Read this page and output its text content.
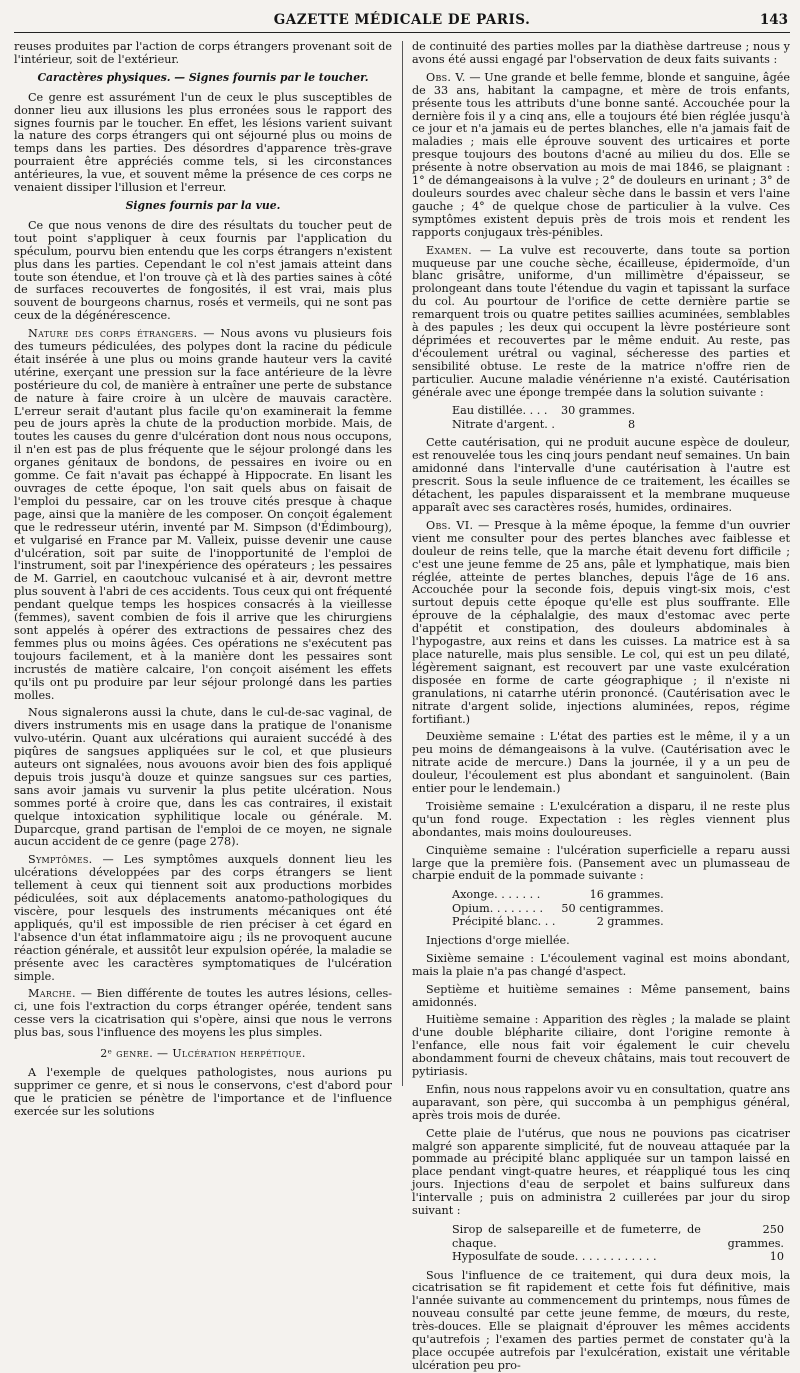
GAZETTE MÉDICALE DE PARIS.	143

reuses produites par l'action de corps étrangers provenant soit de l'intérieur, soit de l'extérieur.

Caractères physiques. — Signes fournis par le toucher.

Ce genre est assurément l'un de ceux le plus susceptibles de donner lieu aux illusions les plus erronées sous le rapport des signes fournis par le toucher. En effet, les lésions varient suivant la nature des corps étrangers qui ont séjourné plus ou moins de temps dans les parties. Des désordres d'apparence très-grave pourraient être appréciés comme tels, si les circonstances antérieures, la vue, et souvent même la présence de ces corps ne venaient dissiper l'illusion et l'erreur.

Signes fournis par la vue.

Ce que nous venons de dire des résultats du toucher peut de tout point s'appliquer à ceux fournis par l'application du spéculum, pourvu bien entendu que les corps étrangers n'existent plus dans les parties. Cependant le col n'est jamais atteint dans toute son étendue, et l'on trouve çà et là des parties saines à côté de surfaces recouvertes de fongosités, il est vrai, mais plus souvent de bourgeons charnus, rosés et vermeils, qui ne sont pas ceux de la dégénérescence.

Nature des corps étrangers. — Nous avons vu plusieurs fois des tumeurs pédiculées, des polypes dont la racine du pédicule était insérée à une plus ou moins grande hauteur vers la cavité utérine, exerçant une pression sur la face antérieure de la lèvre postérieure du col, de manière à entraîner une perte de substance de nature à faire croire à un ulcère de mauvais caractère. L'erreur serait d'autant plus facile qu'on examinerait la femme peu de jours après la chute de la production morbide. Mais, de toutes les causes du genre d'ulcération dont nous nous occupons, il n'en est pas de plus fréquente que le séjour prolongé dans les organes génitaux de bondons, de pessaires en ivoire ou en gomme. Ce fait n'avait pas échappé à Hippocrate. En lisant les ouvrages de cette époque, l'on sait quels abus on faisait de l'emploi du pessaire, car on les trouve cités presque à chaque page, ainsi que la manière de les composer. On conçoit également que le redresseur utérin, inventé par M. Simpson (d'Édimbourg), et vulgarisé en France par M. Valleix, puisse devenir une cause d'ulcération, soit par suite de l'inopportunité de l'emploi de l'instrument, soit par l'inexpérience des opérateurs ; les pessaires de M. Garriel, en caoutchouc vulcanisé et à air, devront mettre plus souvent à l'abri de ces accidents. Tous ceux qui ont fréquenté pendant quelque temps les hospices consacrés à la vieillesse (femmes), savent combien de fois il arrive que les chirurgiens sont appelés à opérer des extractions de pessaires chez des femmes plus ou moins âgées. Ces opérations ne s'exécutent pas toujours facilement, et à la manière dont les pessaires sont incrustés de matière calcaire, l'on conçoit aisément les effets qu'ils ont pu produire par leur séjour prolongé dans les parties molles.

Nous signalerons aussi la chute, dans le cul-de-sac vaginal, de divers instruments mis en usage dans la pratique de l'onanisme vulvo-utérin. Quant aux ulcérations qui auraient succédé à des piqûres de sangsues appliquées sur le col, et que plusieurs auteurs ont signalées, nous avouons avoir bien des fois appliqué depuis trois jusqu'à douze et quinze sangsues sur ces parties, sans avoir jamais vu survenir la plus petite ulcération. Nous sommes porté à croire que, dans les cas contraires, il existait quelque intoxication syphilitique locale ou générale. M. Duparcque, grand partisan de l'emploi de ce moyen, ne signale aucun accident de ce genre (page 278).

Symptômes. — Les symptômes auxquels donnent lieu les ulcérations développées par des corps étrangers se lient tellement à ceux qui tiennent soit aux productions morbides pédiculées, soit aux déplacements anatomo-pathologiques du viscère, pour lesquels des instruments mécaniques ont été appliqués, qu'il est impossible de rien préciser à cet égard en l'absence d'un état inflammatoire aigu ; ils ne provoquent aucune réaction générale, et aussitôt leur expulsion opérée, la maladie se présente avec les caractères symptomatiques de l'ulcération simple.

Marche. — Bien différente de toutes les autres lésions, celles-ci, une fois l'extraction du corps étranger opérée, tendent sans cesse vers la cicatrisation qui s'opère, ainsi que nous le verrons plus bas, sous l'influence des moyens les plus simples.

2ᵉ genre. — Ulcération herpétique.

A l'exemple de quelques pathologistes, nous aurions pu supprimer ce genre, et si nous le conservons, c'est d'abord pour que le praticien se pénètre de l'importance et de l'influence exercée sur les solutions

de continuité des parties molles par la diathèse dartreuse ; nous y avons été aussi engagé par l'observation de deux faits suivants :

Obs. V. — Une grande et belle femme, blonde et sanguine, âgée de 33 ans, habitant la campagne, et mère de trois enfants, présente tous les attributs d'une bonne santé. Accouchée pour la dernière fois il y a cinq ans, elle a toujours été bien réglée jusqu'à ce jour et n'a jamais eu de pertes blanches, elle n'a jamais fait de maladies ; mais elle éprouve souvent des urticaires et porte presque toujours des boutons d'acné au milieu du dos. Elle se présente à notre observation au mois de mai 1846, se plaignant : 1° de démangeaisons à la vulve ; 2° de douleurs en urinant ; 3° de douleurs sourdes avec chaleur sèche dans le bassin et vers l'aine gauche ; 4° de quelque chose de particulier à la vulve. Ces symptômes existent depuis près de trois mois et rendent les rapports conjugaux très-pénibles.

Examen. — La vulve est recouverte, dans toute sa portion muqueuse par une couche sèche, écailleuse, épidermoïde, d'un blanc grisâtre, uniforme, d'un millimètre d'épaisseur, se prolongeant dans toute l'étendue du vagin et tapissant la surface du col. Au pourtour de l'orifice de cette dernière partie se remarquent trois ou quatre petites saillies acuminées, semblables à des papules ; les deux qui occupent la lèvre postérieure sont déprimées et recouvertes par le même enduit. Au reste, pas d'écoulement urétral ou vaginal, sécheresse des parties et sensibilité obtuse. Le reste de la matrice n'offre rien de particulier. Aucune maladie vénérienne n'a existé. Cautérisation générale avec une éponge trempée dans la solution suivante :

Eau distillée. . . .	30 grammes.
Nitrate d'argent. .	8

Cette cautérisation, qui ne produit aucune espèce de douleur, est renouvelée tous les cinq jours pendant neuf semaines. Un bain amidonné dans l'intervalle d'une cautérisation à l'autre est prescrit. Sous la seule influence de ce traitement, les écailles se détachent, les papules disparaissent et la membrane muqueuse apparaît avec ses caractères rosés, humides, ordinaires.

Obs. VI. — Presque à la même époque, la femme d'un ouvrier vient me consulter pour des pertes blanches avec faiblesse et douleur de reins telle, que la marche était devenu fort difficile ; c'est une jeune femme de 25 ans, pâle et lymphatique, mais bien réglée, atteinte de pertes blanches, depuis l'âge de 16 ans. Accouchée pour la seconde fois, depuis vingt-six mois, c'est surtout depuis cette époque qu'elle est plus souffrante. Elle éprouve de la céphalalgie, des maux d'estomac avec perte d'appétit et constipation, des douleurs abdominales à l'hypogastre, aux reins et dans les cuisses. La matrice est à sa place naturelle, mais plus sensible. Le col, qui est un peu dilaté, légèrement saignant, est recouvert par une vaste exulcération disposée en forme de carte géographique ; il n'existe ni granulations, ni catarrhe utérin prononcé. (Cautérisation avec le nitrate d'argent solide, injections aluminées, repos, régime fortifiant.)

Deuxième semaine : L'état des parties est le même, il y a un peu moins de démangeaisons à la vulve. (Cautérisation avec le nitrate acide de mercure.) Dans la journée, il y a un peu de douleur, l'écoulement est plus abondant et sanguinolent. (Bain entier pour le lendemain.)

Troisième semaine : L'exulcération a disparu, il ne reste plus qu'un fond rouge. Expectation : les règles viennent plus abondantes, mais moins douloureuses.

Cinquième semaine : l'ulcération superficielle a reparu aussi large que la première fois. (Pansement avec un plumasseau de charpie enduit de la pommade suivante :

Axonge. . . . . . .	16 grammes.
Opium. . . . . . . .	50 centigrammes.
Précipité blanc. . .	2 grammes.

Injections d'orge miellée.

Sixième semaine : L'écoulement vaginal est moins abondant, mais la plaie n'a pas changé d'aspect.

Septième et huitième semaines : Même pansement, bains amidonnés.

Huitième semaine : Apparition des règles ; la malade se plaint d'une double blépharite ciliaire, dont l'origine remonte à l'enfance, elle nous fait voir également le cuir chevelu abondamment fourni de cheveux châtains, mais tout recouvert de pytiriasis.

Enfin, nous nous rappelons avoir vu en consultation, quatre ans auparavant, son père, qui succomba à un pemphigus général, après trois mois de durée.

Cette plaie de l'utérus, que nous ne pouvions pas cicatriser malgré son apparente simplicité, fut de nouveau attaquée par la pommade au précipité blanc appliquée sur un tampon laissé en place pendant vingt-quatre heures, et réappliqué tous les cinq jours. Injections d'eau de serpolet et bains sulfureux dans l'intervalle ; puis on administra 2 cuillerées par jour du sirop suivant :

Sirop de salsepareille et de fumeterre, de chaque.	250 grammes.
Hyposulfate de soude. . . . . . . . . . . .	10

Sous l'influence de ce traitement, qui dura deux mois, la cicatrisation se fit rapidement et cette fois fut définitive, mais l'année suivante au commencement du printemps, nous fûmes de nouveau consulté par cette jeune femme, de mœurs, du reste, très-douces. Elle se plaignait d'éprouver les mêmes accidents qu'autrefois ; l'examen des parties permet de constater qu'à la place occupée autrefois par l'exulcération, existait une véritable ulcération peu pro-
